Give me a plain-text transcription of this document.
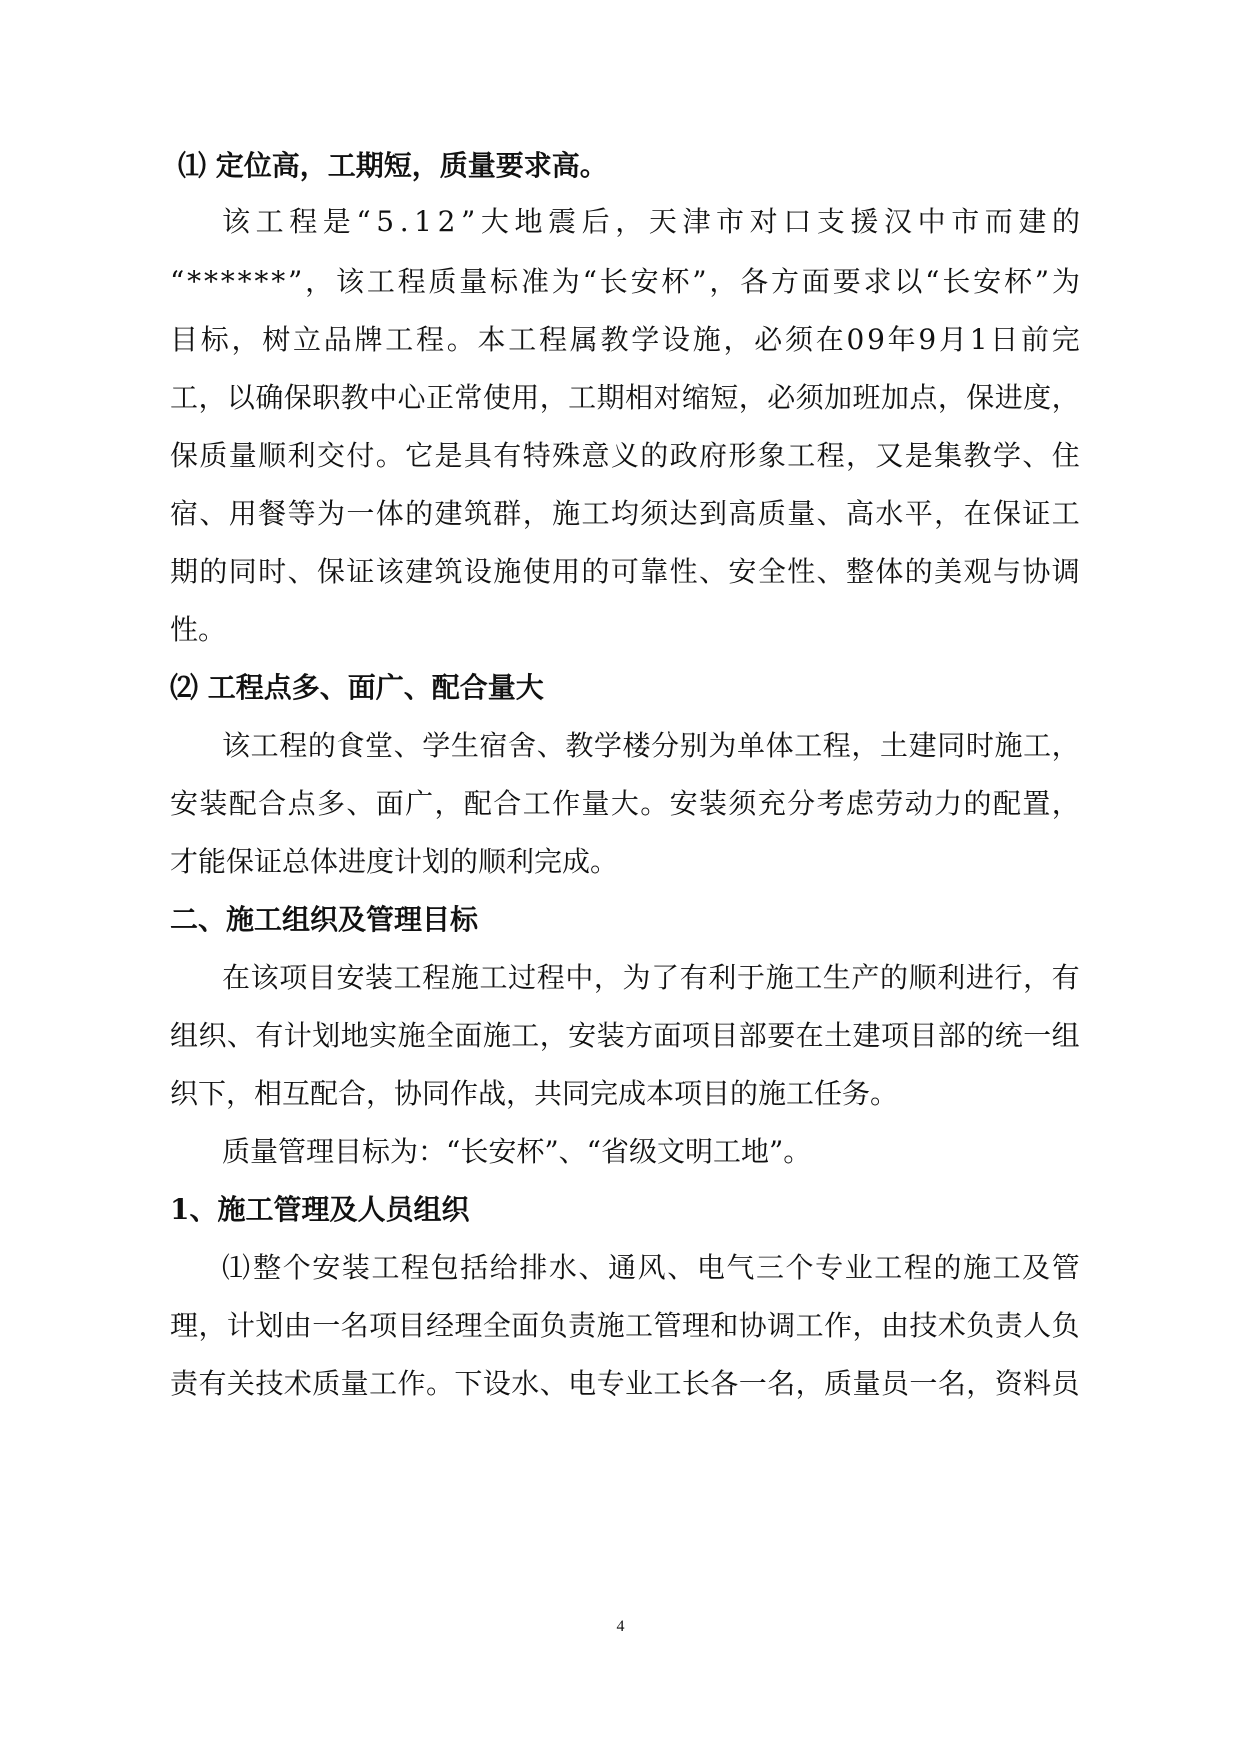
⑴ 定位高，工期短，质量要求高。
该 工 程 是 “ 5 . 1 2 ” 大 地 震 后 ， 天 津 市 对 口 支 援 汉 中 市 而 建 的
“ * * * * * * ” ， 该 工 程 质 量 标 准 为 “ 长 安 杯 ” ， 各 方 面 要 求 以 “ 长 安 杯 ” 为
目 标 ， 树 立 品 牌 工 程 。 本 工 程 属 教 学 设 施 ， 必 须 在 0 9 年 9 月 1 日 前 完
工 ， 以 确 保 职 教 中 心 正 常 使 用 ， 工 期 相 对 缩 短 ， 必 须 加 班 加 点 ， 保 进 度 ，
保 质 量 顺 利 交 付 。 它 是 具 有 特 殊 意 义 的 政 府 形 象 工 程 ， 又 是 集 教 学 、 住
宿 、 用 餐 等 为 一 体 的 建 筑 群 ， 施 工 均 须 达 到 高 质 量 、 高 水 平 ， 在 保 证 工
期 的 同 时 、 保 证 该 建 筑 设 施 使 用 的 可 靠 性 、 安 全 性 、 整 体 的 美 观 与 协 调
性。
⑵ 工程点多、面广、配合量大
该 工 程 的 食 堂 、 学 生 宿 舍 、 教 学 楼 分 别 为 单 体 工 程 ， 土 建 同 时 施 工 ，
安 装 配 合 点 多 、 面 广 ， 配 合 工 作 量 大 。 安 装 须 充 分 考 虑 劳 动 力 的 配 置 ，
才能保证总体进度计划的顺利完成。
二、施工组织及管理目标
在 该 项 目 安 装 工 程 施 工 过 程 中 ， 为 了 有 利 于 施 工 生 产 的 顺 利 进 行 ， 有
组 织 、 有 计 划 地 实 施 全 面 施 工 ， 安 装 方 面 项 目 部 要 在 土 建 项 目 部 的 统 一 组
织下，相互配合，协同作战，共同完成本项目的施工任务。
质量管理目标为：“长安杯”、“省级文明工地”。
1、施工管理及人员组织
⑴ 整 个 安 装 工 程 包 括 给 排 水 、 通 风 、 电 气 三 个 专 业 工 程 的 施 工 及 管
理 ， 计 划 由 一 名 项 目 经 理 全 面 负 责 施 工 管 理 和 协 调 工 作 ， 由 技 术 负 责 人 负
责 有 关 技 术 质 量 工 作 。 下 设 水 、 电 专 业 工 长 各 一 名 ， 质 量 员 一 名 ， 资 料 员
4
